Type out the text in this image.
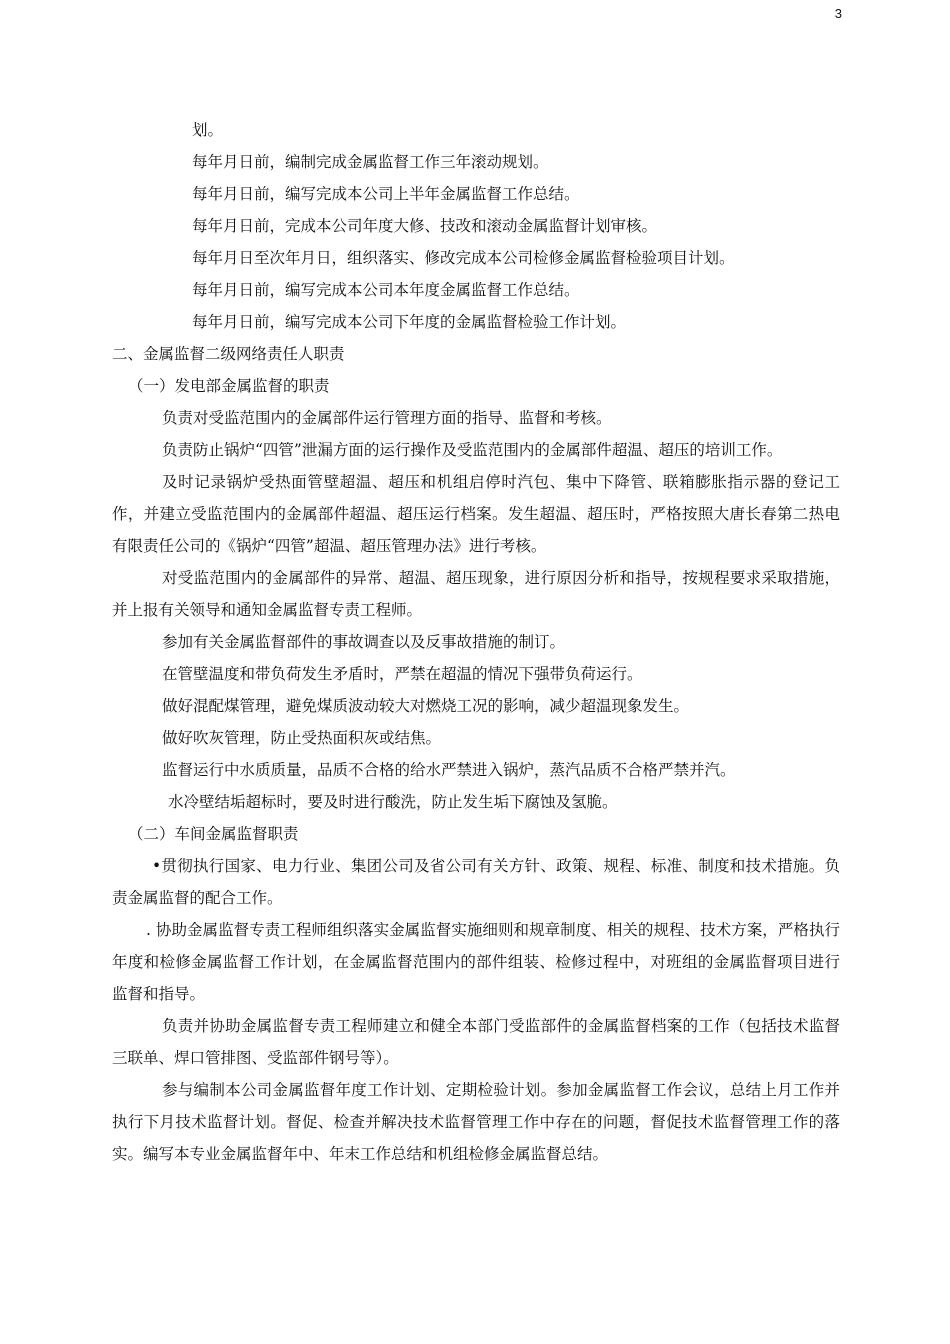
3
划。
每年月日前，编制完成金属监督工作三年滚动规划。
每年月日前，编写完成本公司上半年金属监督工作总结。
每年月日前，完成本公司年度大修、技改和滚动金属监督计划审核。
每年月日至次年月日，组织落实、修改完成本公司检修金属监督检验项目计划。
每年月日前，编写完成本公司本年度金属监督工作总结。
每年月日前，编写完成本公司下年度的金属监督检验工作计划。
二、金属监督二级网络责任人职责
（一）发电部金属监督的职责
负责对受监范围内的金属部件运行管理方面的指导、监督和考核。
负责防止锅炉“四管”泄漏方面的运行操作及受监范围内的金属部件超温、超压的培训工作。
及时记录锅炉受热面管壁超温、超压和机组启停时汽包、集中下降管、联箱膨胀指示器的登记工作，并建立受监范围内的金属部件超温、超压运行档案。发生超温、超压时，严格按照大唐长春第二热电有限责任公司的《锅炉“四管”超温、超压管理办法》进行考核。
对受监范围内的金属部件的异常、超温、超压现象，进行原因分析和指导，按规程要求采取措施，并上报有关领导和通知金属监督专责工程师。
参加有关金属监督部件的事故调查以及反事故措施的制订。
在管壁温度和带负荷发生矛盾时，严禁在超温的情况下强带负荷运行。
做好混配煤管理，避免煤质波动较大对燃烧工况的影响，减少超温现象发生。
做好吹灰管理，防止受热面积灰或结焦。
监督运行中水质质量，品质不合格的给水严禁进入锅炉，蒸汽品质不合格严禁并汽。
水冷壁结垢超标时，要及时进行酸洗，防止发生垢下腐蚀及氢脆。
（二）车间金属监督职责
•贯彻执行国家、电力行业、集团公司及省公司有关方针、政策、规程、标准、制度和技术措施。负责金属监督的配合工作。
. 协助金属监督专责工程师组织落实金属监督实施细则和规章制度、相关的规程、技术方案，严格执行年度和检修金属监督工作计划，在金属监督范围内的部件组装、检修过程中，对班组的金属监督项目进行监督和指导。
负责并协助金属监督专责工程师建立和健全本部门受监部件的金属监督档案的工作（包括技术监督三联单、焊口管排图、受监部件钢号等）。
参与编制本公司金属监督年度工作计划、定期检验计划。参加金属监督工作会议，总结上月工作并执行下月技术监督计划。督促、检查并解决技术监督管理工作中存在的问题，督促技术监督管理工作的落实。编写本专业金属监督年中、年末工作总结和机组检修金属监督总结。
